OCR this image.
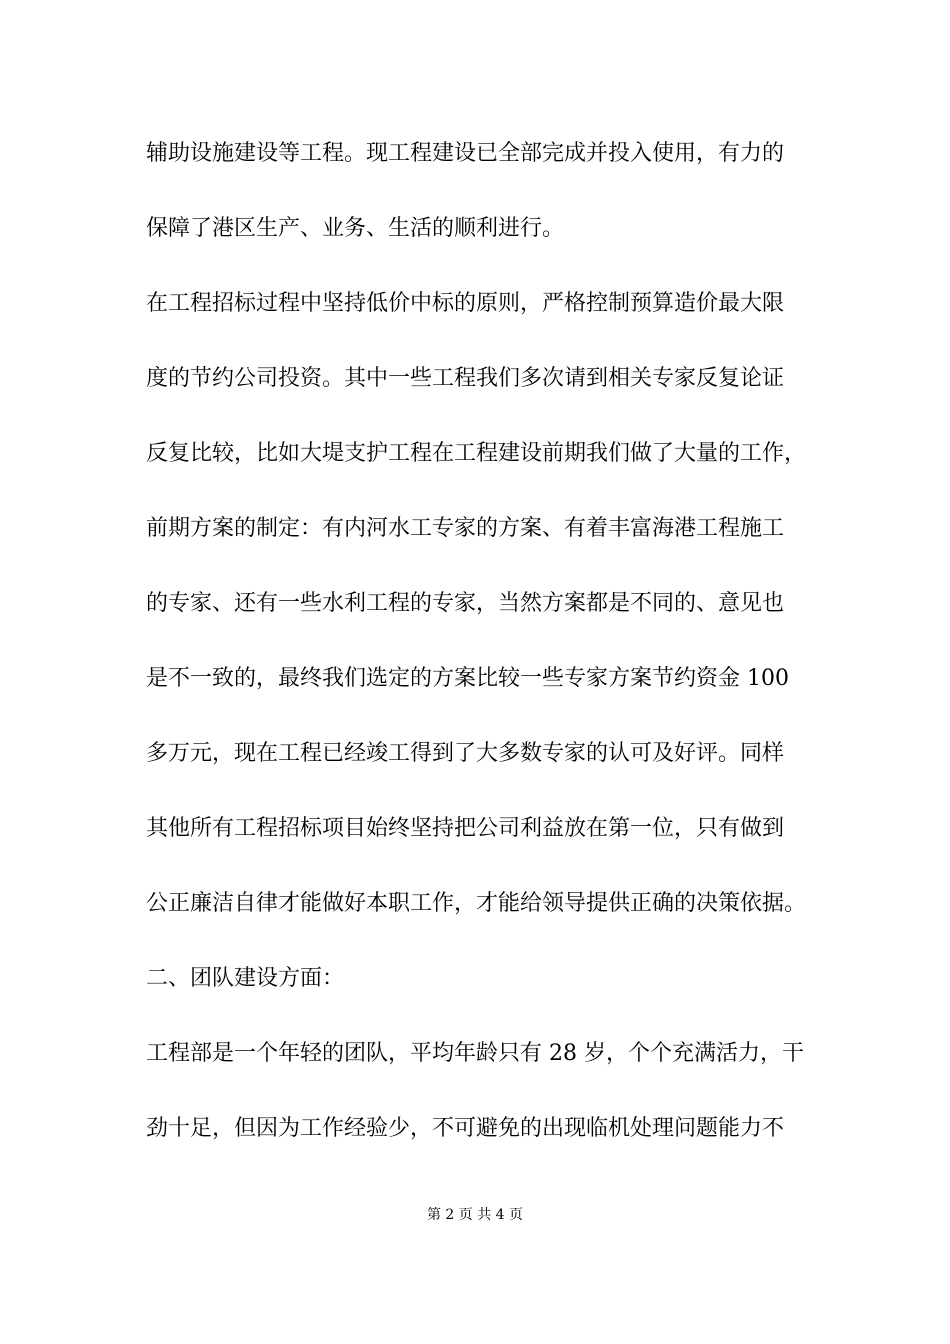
辅助设施建设等工程。现工程建设已全部完成并投入使用，有力的
保障了港区生产、业务、生活的顺利进行。
在工程招标过程中坚持低价中标的原则，严格控制预算造价最大限
度的节约公司投资。其中一些工程我们多次请到相关专家反复论证
反复比较，比如大堤支护工程在工程建设前期我们做了大量的工作，
前期方案的制定：有内河水工专家的方案、有着丰富海港工程施工
的专家、还有一些水利工程的专家，当然方案都是不同的、意见也
是不一致的，最终我们选定的方案比较一些专家方案节约资金 100
多万元，现在工程已经竣工得到了大多数专家的认可及好评。同样
其他所有工程招标项目始终坚持把公司利益放在第一位，只有做到
公正廉洁自律才能做好本职工作，才能给领导提供正确的决策依据。
二、团队建设方面：
工程部是一个年轻的团队，平均年龄只有 28 岁，个个充满活力，干
劲十足，但因为工作经验少，不可避免的出现临机处理问题能力不
第 2 页 共 4 页
